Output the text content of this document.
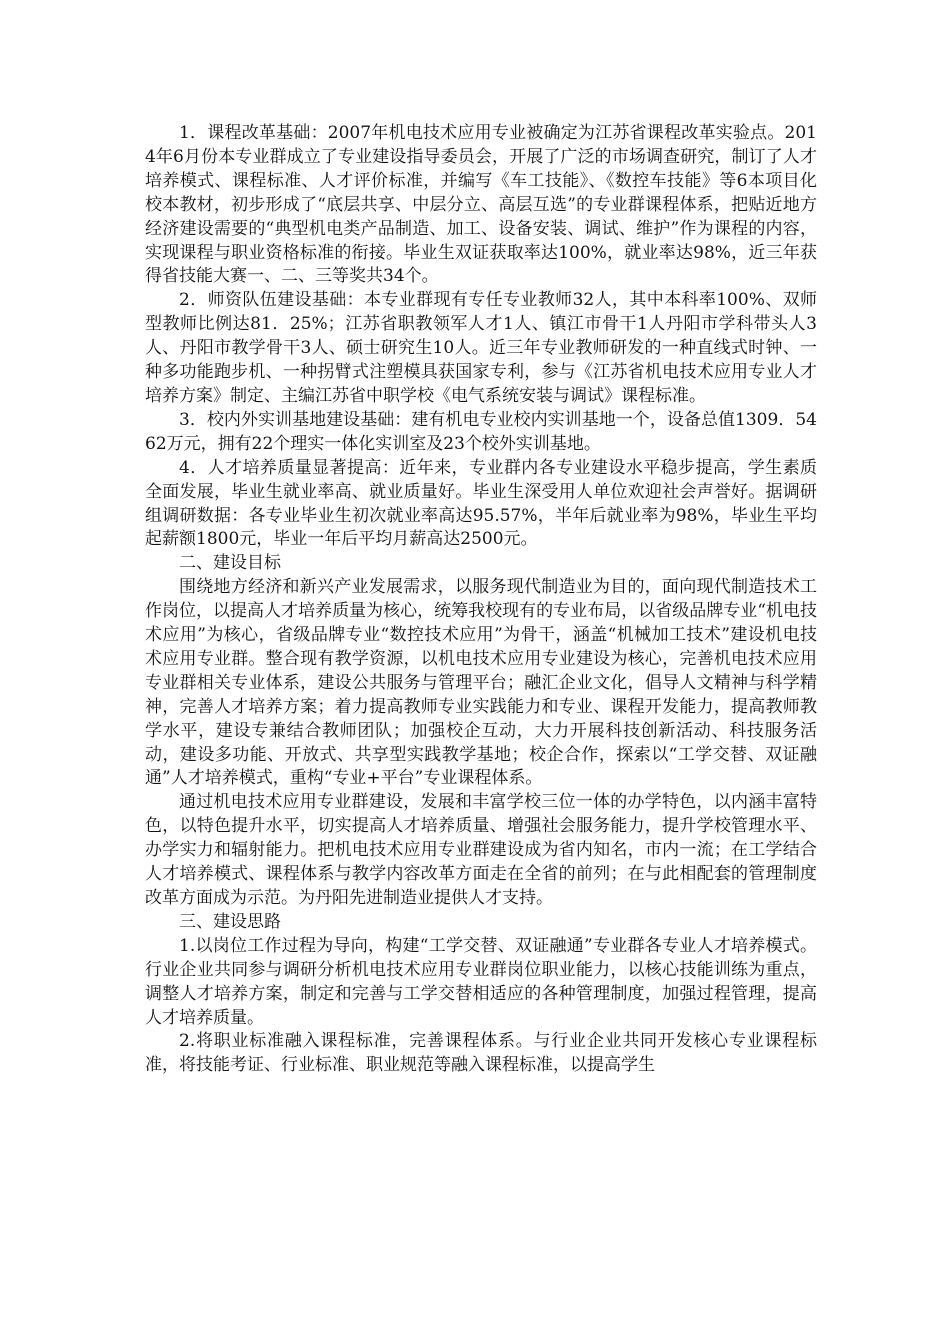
1．课程改革基础：2007年机电技术应用专业被确定为江苏省课程改革实验点。2014年6月份本专业群成立了专业建设指导委员会，开展了广泛的市场调查研究，制订了人才培养模式、课程标准、人才评价标准，并编写《车工技能》、《数控车技能》等6本项目化校本教材，初步形成了“底层共享、中层分立、高层互选”的专业群课程体系，把贴近地方经济建设需要的“典型机电类产品制造、加工、设备安装、调试、维护”作为课程的内容，实现课程与职业资格标准的衔接。毕业生双证获取率达100%，就业率达98%，近三年获得省技能大赛一、二、三等奖共34个。

2．师资队伍建设基础：本专业群现有专任专业教师32人，其中本科率100%、双师型教师比例达81．25%；江苏省职教领军人才1人、镇江市骨干1人丹阳市学科带头人3人、丹阳市教学骨干3人、硕士研究生10人。近三年专业教师研发的一种直线式时钟、一种多功能跑步机、一种拐臂式注塑模具获国家专利，参与《江苏省机电技术应用专业人才培养方案》制定、主编江苏省中职学校《电气系统安装与调试》课程标准。

3．校内外实训基地建设基础：建有机电专业校内实训基地一个，设备总值1309．5462万元，拥有22个理实一体化实训室及23个校外实训基地。

4．人才培养质量显著提高：近年来，专业群内各专业建设水平稳步提高，学生素质全面发展，毕业生就业率高、就业质量好。毕业生深受用人单位欢迎社会声誉好。据调研组调研数据：各专业毕业生初次就业率高达95.57%，半年后就业率为98%，毕业生平均起薪额1800元，毕业一年后平均月薪高达2500元。

二、建设目标

围绕地方经济和新兴产业发展需求，以服务现代制造业为目的，面向现代制造技术工作岗位，以提高人才培养质量为核心，统筹我校现有的专业布局，以省级品牌专业“机电技术应用”为核心，省级品牌专业“数控技术应用”为骨干，涵盖“机械加工技术”建设机电技术应用专业群。整合现有教学资源，以机电技术应用专业建设为核心，完善机电技术应用专业群相关专业体系，建设公共服务与管理平台；融汇企业文化，倡导人文精神与科学精神，完善人才培养方案；着力提高教师专业实践能力和专业、课程开发能力，提高教师教学水平，建设专兼结合教师团队；加强校企互动，大力开展科技创新活动、科技服务活动，建设多功能、开放式、共享型实践教学基地；校企合作，探索以“工学交替、双证融通”人才培养模式，重构“专业+平台”专业课程体系。

通过机电技术应用专业群建设，发展和丰富学校三位一体的办学特色，以内涵丰富特色，以特色提升水平，切实提高人才培养质量、增强社会服务能力，提升学校管理水平、办学实力和辐射能力。把机电技术应用专业群建设成为省内知名，市内一流；在工学结合人才培养模式、课程体系与教学内容改革方面走在全省的前列；在与此相配套的管理制度改革方面成为示范。为丹阳先进制造业提供人才支持。

三、建设思路

1.以岗位工作过程为导向，构建“工学交替、双证融通”专业群各专业人才培养模式。行业企业共同参与调研分析机电技术应用专业群岗位职业能力，以核心技能训练为重点，调整人才培养方案，制定和完善与工学交替相适应的各种管理制度，加强过程管理，提高人才培养质量。

2.将职业标准融入课程标准，完善课程体系。与行业企业共同开发核心专业课程标准，将技能考证、行业标准、职业规范等融入课程标准，以提高学生
